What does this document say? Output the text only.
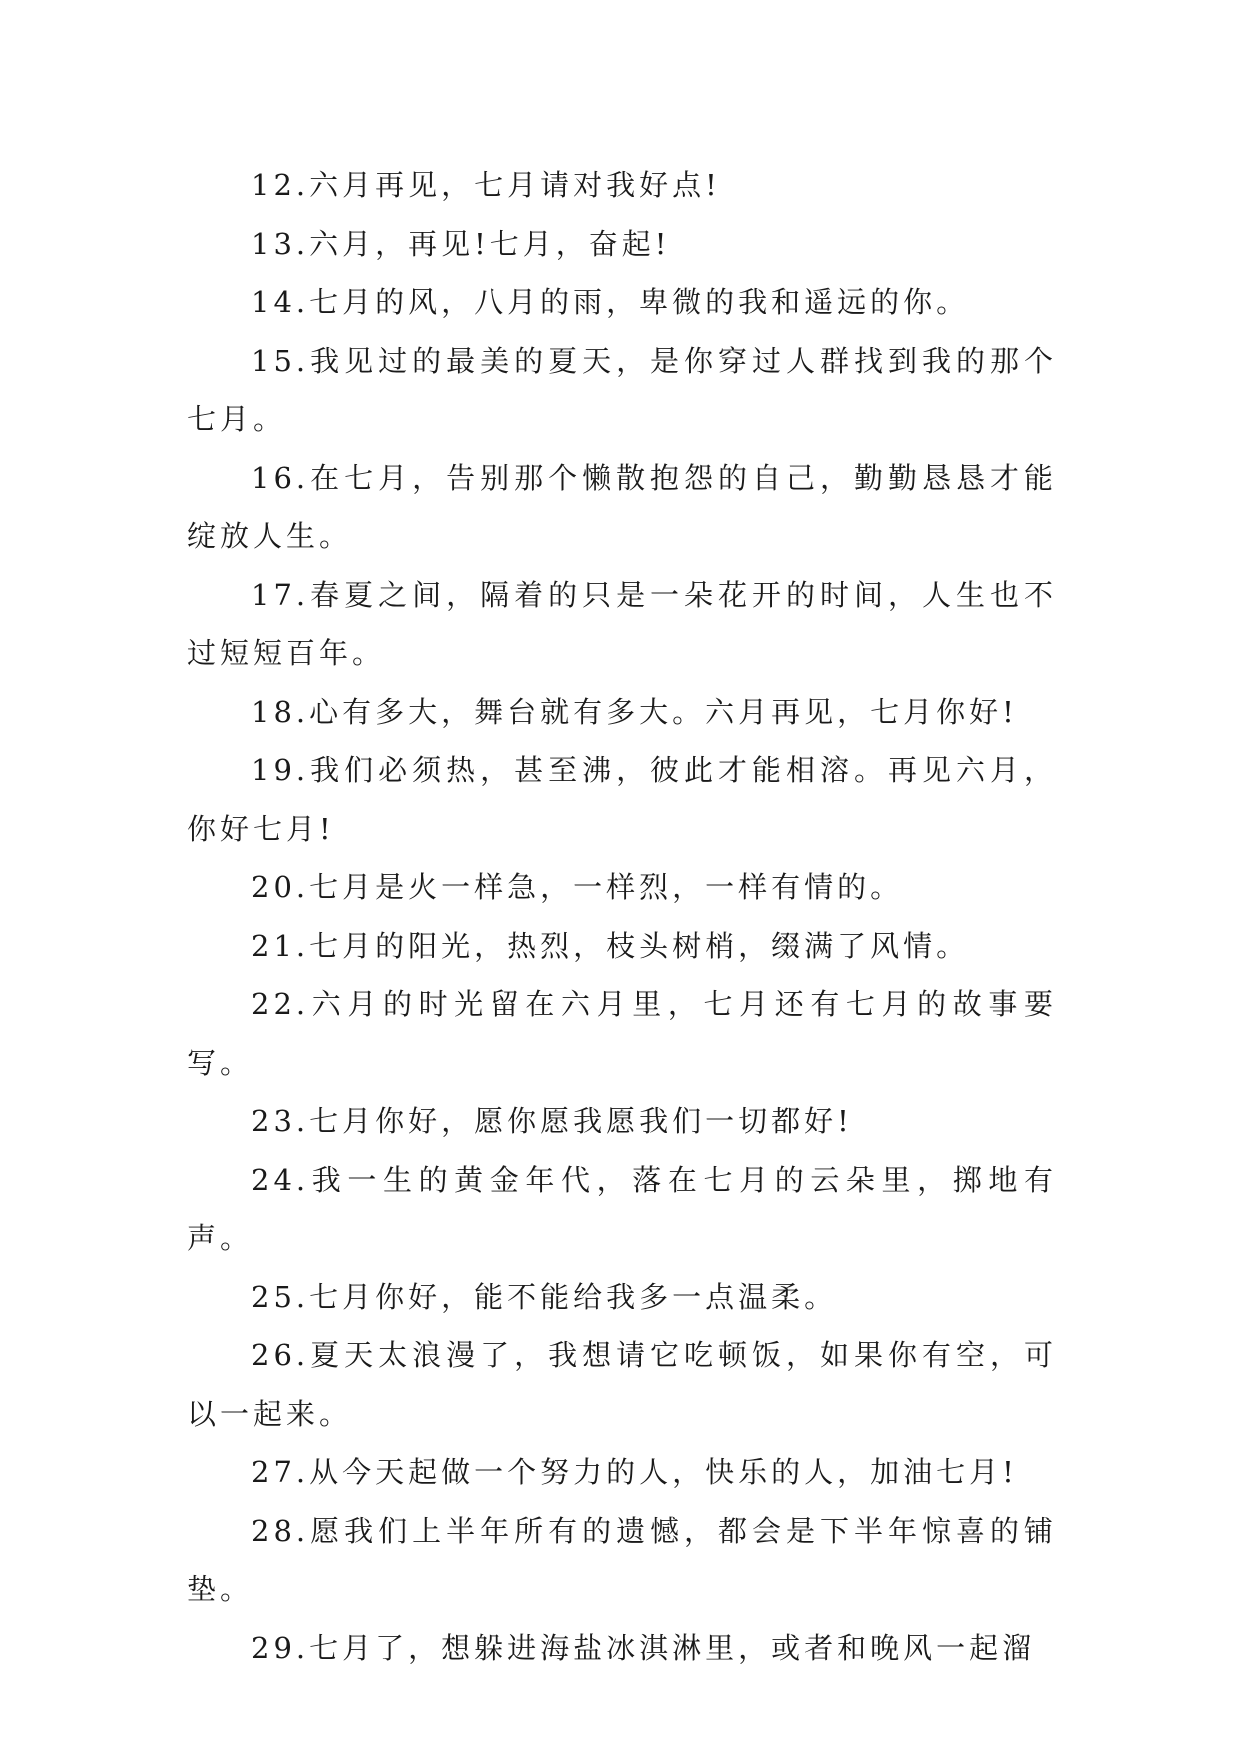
12.六月再见，七月请对我好点!

13.六月，再见!七月，奋起!

14.七月的风，八月的雨，卑微的我和遥远的你。

15.我见过的最美的夏天，是你穿过人群找到我的那个七月。

16.在七月，告别那个懒散抱怨的自己，勤勤恳恳才能绽放人生。

17.春夏之间，隔着的只是一朵花开的时间，人生也不过短短百年。

18.心有多大，舞台就有多大。六月再见，七月你好!

19.我们必须热，甚至沸，彼此才能相溶。再见六月，你好七月!

20.七月是火一样急，一样烈，一样有情的。

21.七月的阳光，热烈，枝头树梢，缀满了风情。

22.六月的时光留在六月里，七月还有七月的故事要写。

23.七月你好，愿你愿我愿我们一切都好!

24.我一生的黄金年代，落在七月的云朵里，掷地有声。

25.七月你好，能不能给我多一点温柔。

26.夏天太浪漫了，我想请它吃顿饭，如果你有空，可以一起来。

27.从今天起做一个努力的人，快乐的人，加油七月!

28.愿我们上半年所有的遗憾，都会是下半年惊喜的铺垫。

29.七月了，想躲进海盐冰淇淋里，或者和晚风一起溜
